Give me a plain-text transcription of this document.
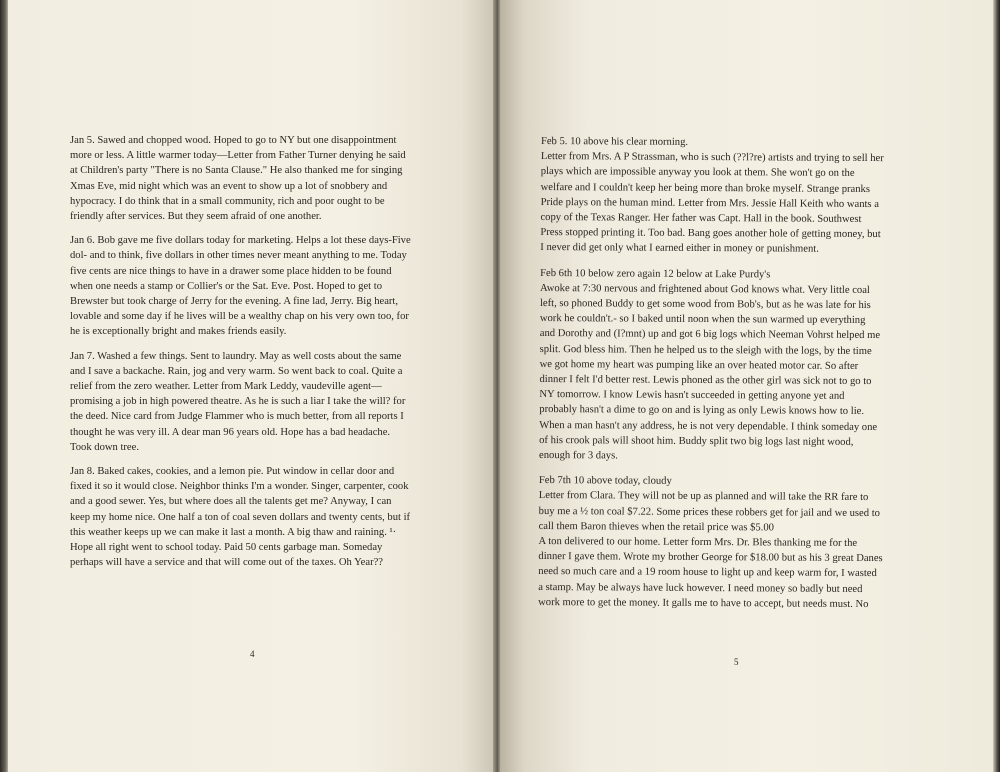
Jan 5. Sawed and chopped wood. Hoped to go to NY but one disappointment
more or less. A little warmer today—Letter from Father Turner denying he said
at Children's party "There is no Santa Clause." He also thanked me for singing
Xmas Eve, mid night which was an event to show up a lot of snobbery and
hypocracy. I do think that in a small community, rich and poor ought to be
friendly after services. But they seem afraid of one another.

Jan 6. Bob gave me five dollars today for marketing. Helps a lot these days-Five
dol- and to think, five dollars in other times never meant anything to me. Today
five cents are nice things to have in a drawer some place hidden to be found
when one needs a stamp or Collier's or the Sat. Eve. Post. Hoped to get to
Brewster but took charge of Jerry for the evening. A fine lad, Jerry. Big heart,
lovable and some day if he lives will be a wealthy chap on his very own too, for
he is exceptionally bright and makes friends easily.

Jan 7. Washed a few things. Sent to laundry. May as well costs about the same
and I save a backache. Rain, jog and very warm. So went back to coal. Quite a
relief from the zero weather. Letter from Mark Leddy, vaudeville agent—
promising a job in high powered theatre. As he is such a liar I take the will? for
the deed. Nice card from Judge Flammer who is much better, from all reports I
thought he was very ill. A dear man 96 years old. Hope has a bad headache.
Took down tree.

Jan 8. Baked cakes, cookies, and a lemon pie. Put window in cellar door and
fixed it so it would close. Neighbor thinks I'm a wonder. Singer, carpenter, cook
and a good sewer. Yes, but where does all the talents get me? Anyway, I can
keep my home nice. One half a ton of coal seven dollars and twenty cents, but if
this weather keeps up we can make it last a month. A big thaw and raining. ¹·
Hope all right went to school today. Paid 50 cents garbage man. Someday
perhaps will have a service and that will come out of the taxes. Oh Year??

4

Feb 5. 10 above his clear morning.
Letter from Mrs. A P Strassman, who is such (??l?re) artists and trying to sell her
plays which are impossible anyway you look at them. She won't go on the
welfare and I couldn't keep her being more than broke myself. Strange pranks
Pride plays on the human mind. Letter from Mrs. Jessie Hall Keith who wants a
copy of the Texas Ranger. Her father was Capt. Hall in the book. Southwest
Press stopped printing it. Too bad. Bang goes another hole of getting money, but
I never did get only what I earned either in money or punishment.

Feb 6th 10 below zero again 12 below at Lake Purdy's
Awoke at 7:30 nervous and frightened about God knows what. Very little coal
left, so phoned Buddy to get some wood from Bob's, but as he was late for his
work he couldn't.- so I baked until noon when the sun warmed up everything
and Dorothy and (I?mnt) up and got 6 big logs which Neeman Vohrst helped me
split. God bless him. Then he helped us to the sleigh with the logs, by the time
we got home my heart was pumping like an over heated motor car. So after
dinner I felt I'd better rest. Lewis phoned as the other girl was sick not to go to
NY tomorrow. I know Lewis hasn't succeeded in getting anyone yet and
probably hasn't a dime to go on and is lying as only Lewis knows how to lie.
When a man hasn't any address, he is not very dependable. I think someday one
of his crook pals will shoot him. Buddy split two big logs last night wood,
enough for 3 days.

Feb 7th 10 above today, cloudy
Letter from Clara. They will not be up as planned and will take the RR fare to
buy me a ½ ton coal $7.22. Some prices these robbers get for jail and we used to
call them Baron thieves when the retail price was $5.00
A ton delivered to our home. Letter form Mrs. Dr. Bles thanking me for the
dinner I gave them. Wrote my brother George for $18.00 but as his 3 great Danes
need so much care and a 19 room house to light up and keep warm for, I wasted
a stamp. May be always have luck however. I need money so badly but need
work more to get the money. It galls me to have to accept, but needs must. No

5
